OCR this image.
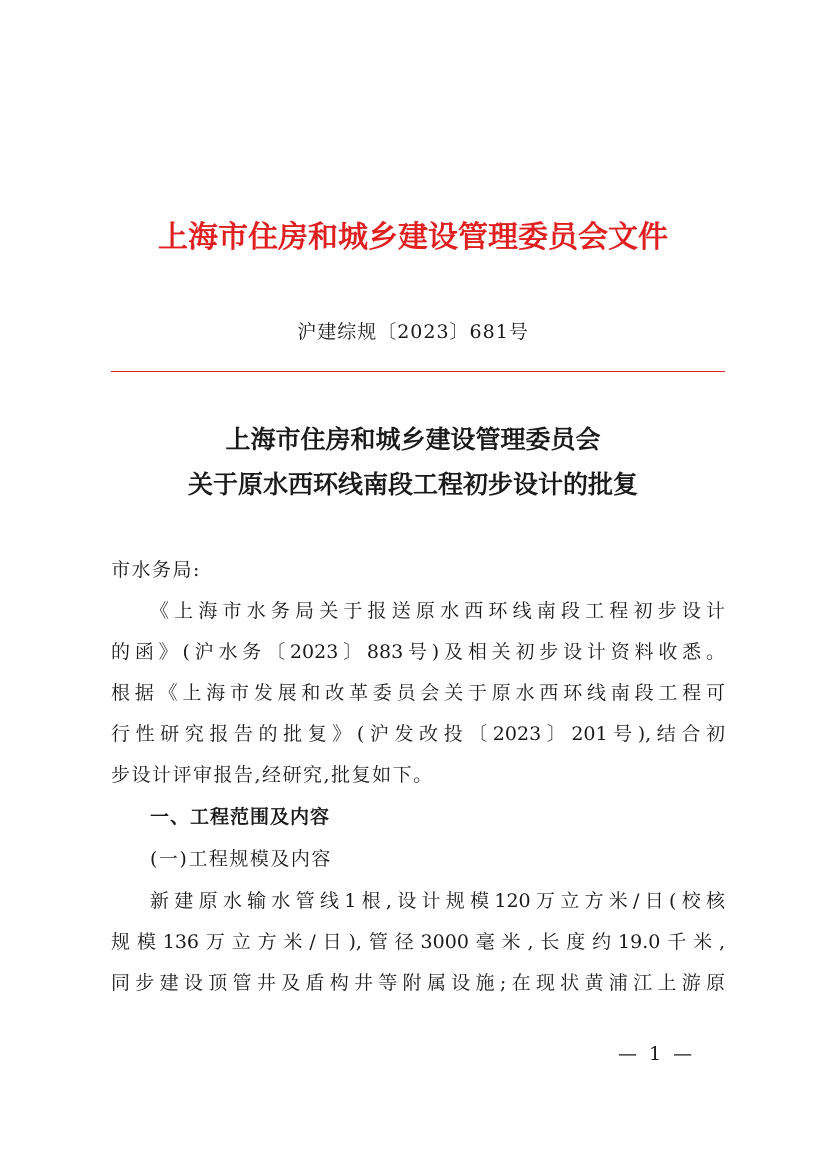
上海市住房和城乡建设管理委员会文件
沪建综规〔2023〕681号
上海市住房和城乡建设管理委员会
关于原水西环线南段工程初步设计的批复
市水务局:
《上海市水务局关于报送原水西环线南段工程初步设计
的函》(沪水务〔2023〕883号)及相关初步设计资料收悉。
根据《上海市发展和改革委员会关于原水西环线南段工程可
行性研究报告的批复》(沪发改投〔2023〕201号),结合初
步设计评审报告,经研究,批复如下。
一、工程范围及内容
(一)工程规模及内容
新建原水输水管线1根,设计规模120万立方米/日(校核
规模136万立方米/日),管径3000毫米,长度约19.0千米,
同步建设顶管井及盾构井等附属设施;在现状黄浦江上游原
— 1 —
